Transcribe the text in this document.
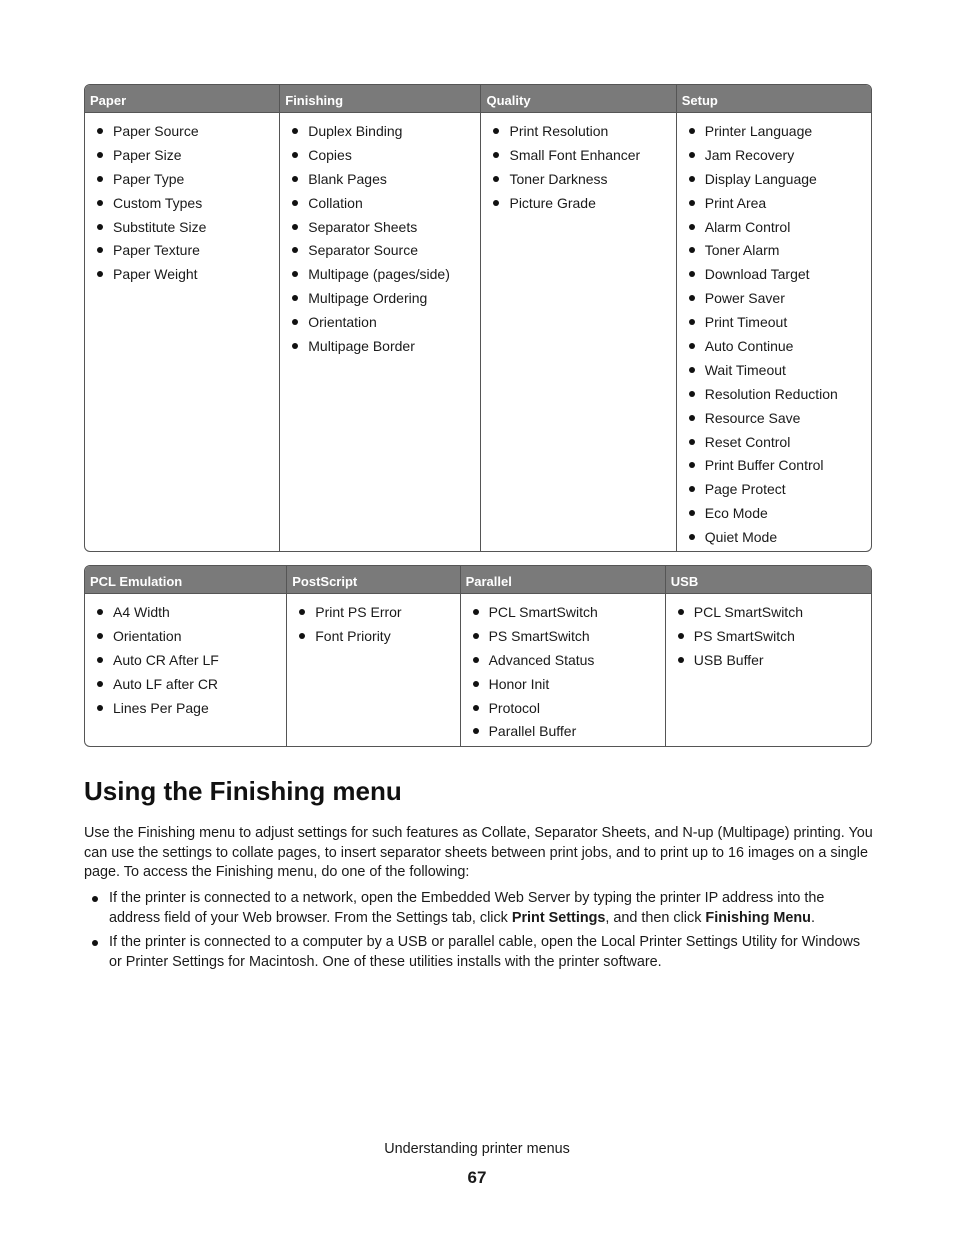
Paper
Paper Source
Paper Size
Paper Type
Custom Types
Substitute Size
Paper Texture
Paper Weight
Finishing
Duplex Binding
Copies
Blank Pages
Collation
Separator Sheets
Separator Source
Multipage (pages/side)
Multipage Ordering
Orientation
Multipage Border
Quality
Print Resolution
Small Font Enhancer
Toner Darkness
Picture Grade
Setup
Printer Language
Jam Recovery
Display Language
Print Area
Alarm Control
Toner Alarm
Download Target
Power Saver
Print Timeout
Auto Continue
Wait Timeout
Resolution Reduction
Resource Save
Reset Control
Print Buffer Control
Page Protect
Eco Mode
Quiet Mode
PCL Emulation
A4 Width
Orientation
Auto CR After LF
Auto LF after CR
Lines Per Page
PostScript
Print PS Error
Font Priority
Parallel
PCL SmartSwitch
PS SmartSwitch
Advanced Status
Honor Init
Protocol
Parallel Buffer
USB
PCL SmartSwitch
PS SmartSwitch
USB Buffer
Using the Finishing menu

Use the Finishing menu to adjust settings for such features as Collate, Separator Sheets, and N-up (Multipage) printing. You can use the settings to collate pages, to insert separator sheets between print jobs, and to print up to 16 images on a single page. To access the Finishing menu, do one of the following:

If the printer is connected to a network, open the Embedded Web Server by typing the printer IP address into the address field of your Web browser. From the Settings tab, click Print Settings, and then click Finishing Menu.
If the printer is connected to a computer by a USB or parallel cable, open the Local Printer Settings Utility for Windows or Printer Settings for Macintosh. One of these utilities installs with the printer software.
Understanding printer menus
67
